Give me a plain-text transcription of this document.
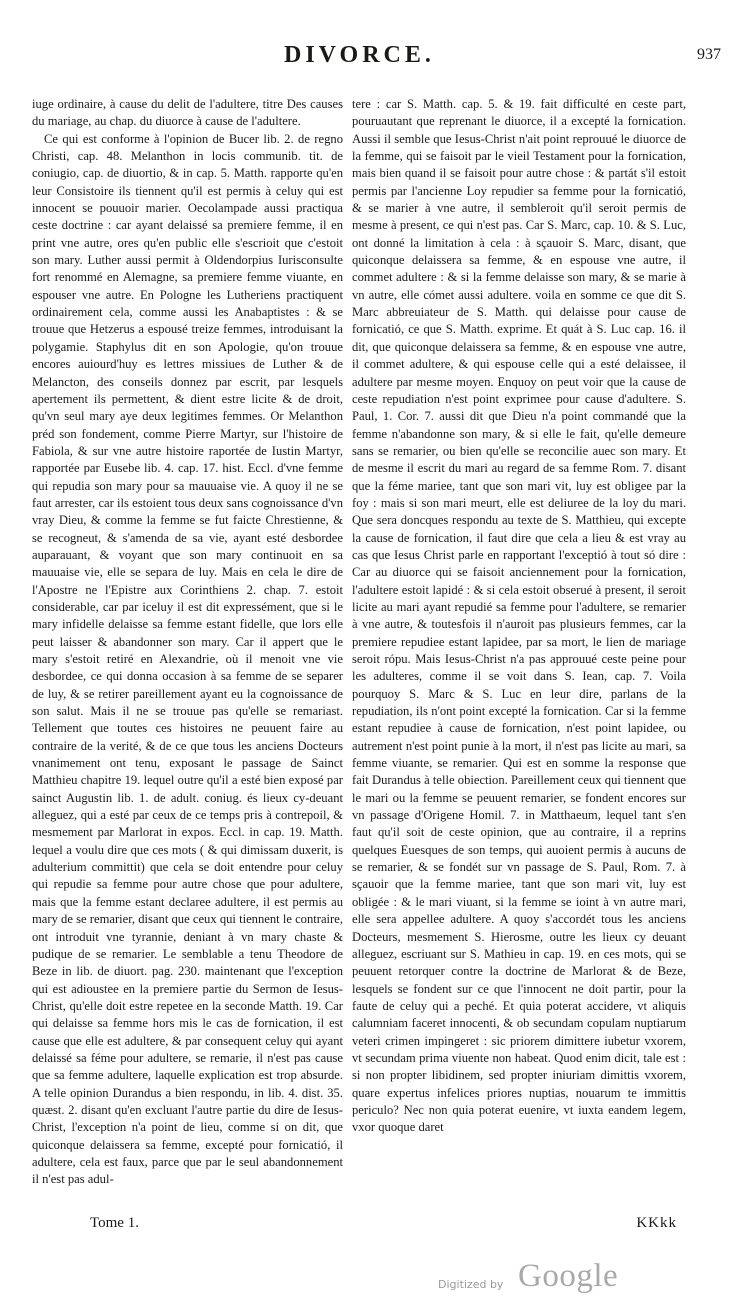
DIVORCE.	937

iuge ordinaire, à cause du delit de l'adultere, titre Des causes du mariage, au chap. du diuorce à cause de l'adultere.

Ce qui est conforme à l'opinion de Bucer lib. 2. de regno Christi, cap. 48. Melanthon in locis communib. tit. de coniugio, cap. de diuortio, & in cap. 5. Matth. rapporte qu'en leur Consistoire ils tiennent qu'il est permis à celuy qui est innocent se pouuoir marier. Oecolampade aussi practiqua ceste doctrine : car ayant delaissé sa premiere femme, il en print vne autre, ores qu'en public elle s'escrioit que c'estoit son mary. Luther aussi permit à Oldendorpius Iurisconsulte fort renommé en Alemagne, sa premiere femme viuante, en espouser vne autre. En Pologne les Lutheriens practiquent ordinairement cela, comme aussi les Anabaptistes : & se trouue que Hetzerus a espousé treize femmes, introduisant la polygamie. Staphylus dit en son Apologie, qu'on trouue encores auiourd'huy es lettres missiues de Luther & de Melancton, des conseils donnez par escrit, par lesquels apertement ils permettent, & dient estre licite & de droit, qu'vn seul mary aye deux legitimes femmes. Or Melanthon préd son fondement, comme Pierre Martyr, sur l'histoire de Fabiola, & sur vne autre histoire raportée de Iustin Martyr, rapportée par Eusebe lib. 4. cap. 17. hist. Eccl. d'vne femme qui repudia son mary pour sa mauuaise vie. A quoy il ne se faut arrester, car ils estoient tous deux sans cognoissance d'vn vray Dieu, & comme la femme se fut faicte Chrestienne, & se recogneut, & s'amenda de sa vie, ayant esté desbordee auparauant, & voyant que son mary continuoit en sa mauuaise vie, elle se separa de luy. Mais en cela le dire de l'Apostre ne l'Epistre aux Corinthiens 2. chap. 7. estoit considerable, car par iceluy il est dit expressément, que si le mary infidelle delaisse sa femme estant fidelle, que lors elle peut laisser & abandonner son mary. Car il appert que le mary s'estoit retiré en Alexandrie, où il menoit vne vie desbordee, ce qui donna occasion à sa femme de se separer de luy, & se retirer pareillement ayant eu la cognoissance de son salut. Mais il ne se trouue pas qu'elle se remariast. Tellement que toutes ces histoires ne peuuent faire au contraire de la verité, & de ce que tous les anciens Docteurs vnanimement ont tenu, exposant le passage de Sainct Matthieu chapitre 19. lequel outre qu'il a esté bien exposé par sainct Augustin lib. 1. de adult. coniug. és lieux cy-deuant alleguez, qui a esté par ceux de ce temps pris à contrepoil, & mesmement par Marlorat in expos. Eccl. in cap. 19. Matth. lequel a voulu dire que ces mots ( & qui dimissam duxerit, is adulterium committit) que cela se doit entendre pour celuy qui repudie sa femme pour autre chose que pour adultere, mais que la femme estant declaree adultere, il est permis au mary de se remarier, disant que ceux qui tiennent le contraire, ont introduit vne tyrannie, deniant à vn mary chaste & pudique de se remarier. Le semblable a tenu Theodore de Beze in lib. de diuort. pag. 230. maintenant que l'exception qui est adioustee en la premiere partie du Sermon de Iesus-Christ, qu'elle doit estre repetee en la seconde Matth. 19. Car qui delaisse sa femme hors mis le cas de fornication, il est cause que elle est adultere, & par consequent celuy qui ayant delaissé sa féme pour adultere, se remarie, il n'est pas cause que sa femme adultere, laquelle explication est trop absurde. A telle opinion Durandus a bien respondu, in lib. 4. dist. 35. quæst. 2. disant qu'en excluant l'autre partie du dire de Iesus-Christ, l'exception n'a point de lieu, comme si on dit, que quiconque delaissera sa femme, excepté pour fornicatió, il adultere, cela est faux, parce que par le seul abandonnement il n'est pas adul-

tere : car S. Matth. cap. 5. & 19. fait difficulté en ceste part, pouruautant que reprenant le diuorce, il a excepté la fornication. Aussi il semble que Iesus-Christ n'ait point reprouué le diuorce de la femme, qui se faisoit par le vieil Testament pour la fornication, mais bien quand il se faisoit pour autre chose : & partát s'il estoit permis par l'ancienne Loy repudier sa femme pour la fornicatió, & se marier à vne autre, il sembleroit qu'il seroit permis de mesme à present, ce qui n'est pas. Car S. Marc, cap. 10. & S. Luc, ont donné la limitation à cela : à sçauoir S. Marc, disant, que quiconque delaissera sa femme, & en espouse vne autre, il commet adultere : & si la femme delaisse son mary, & se marie à vn autre, elle cómet aussi adultere. voila en somme ce que dit S. Marc abbreuiateur de S. Matth. qui delaisse pour cause de fornicatió, ce que S. Matth. exprime. Et quát à S. Luc cap. 16. il dit, que quiconque delaissera sa femme, & en espouse vne autre, il commet adultere, & qui espouse celle qui a esté delaissee, il adultere par mesme moyen. Enquoy on peut voir que la cause de ceste repudiation n'est point exprimee pour cause d'adultere. S. Paul, 1. Cor. 7. aussi dit que Dieu n'a point commandé que la femme n'abandonne son mary, & si elle le fait, qu'elle demeure sans se remarier, ou bien qu'elle se reconcilie auec son mary. Et de mesme il escrit du mari au regard de sa femme Rom. 7. disant que la féme mariee, tant que son mari vit, luy est obligee par la foy : mais si son mari meurt, elle est deliuree de la loy du mari. Que sera doncques respondu au texte de S. Matthieu, qui excepte la cause de fornication, il faut dire que cela a lieu & est vray au cas que Iesus Christ parle en rapportant l'exceptió à tout só dire : Car au diuorce qui se faisoit anciennement pour la fornication, l'adultere estoit lapidé : & si cela estoit obserué à present, il seroit licite au mari ayant repudié sa femme pour l'adultere, se remarier à vne autre, & toutesfois il n'auroit pas plusieurs femmes, car la premiere repudiee estant lapidee, par sa mort, le lien de mariage seroit rópu. Mais Iesus-Christ n'a pas approuué ceste peine pour les adulteres, comme il se voit dans S. Iean, cap. 7. Voila pourquoy S. Marc & S. Luc en leur dire, parlans de la repudiation, ils n'ont point excepté la fornication. Car si la femme estant repudiee à cause de fornication, n'est point lapidee, ou autrement n'est point punie à la mort, il n'est pas licite au mari, sa femme viuante, se remarier. Qui est en somme la response que fait Durandus à telle obiection. Pareillement ceux qui tiennent que le mari ou la femme se peuuent remarier, se fondent encores sur vn passage d'Origene Homil. 7. in Matthaeum, lequel tant s'en faut qu'il soit de ceste opinion, que au contraire, il a reprins quelques Euesques de son temps, qui auoient permis à aucuns de se remarier, & se fondét sur vn passage de S. Paul, Rom. 7. à sçauoir que la femme mariee, tant que son mari vit, luy est obligée : & le mari viuant, si la femme se ioint à vn autre mari, elle sera appellee adultere. A quoy s'accordét tous les anciens Docteurs, mesmement S. Hierosme, outre les lieux cy deuant alleguez, escriuant sur S. Mathieu in cap. 19. en ces mots, qui se peuuent retorquer contre la doctrine de Marlorat & de Beze, lesquels se fondent sur ce que l'innocent ne doit partir, pour la faute de celuy qui a peché. Et quia poterat accidere, vt aliquis calumniam faceret innocenti, & ob secundam copulam nuptiarum veteri crimen impingeret : sic priorem dimittere iubetur vxorem, vt secundam prima viuente non habeat. Quod enim dicit, tale est : si non propter libidinem, sed propter iniuriam dimittis vxorem, quare expertus infelices priores nuptias, nouarum te immittis periculo? Nec non quia poterat euenire, vt iuxta eandem legem, vxor quoque daret

Tome 1.	KKkk
Digitized by Google
